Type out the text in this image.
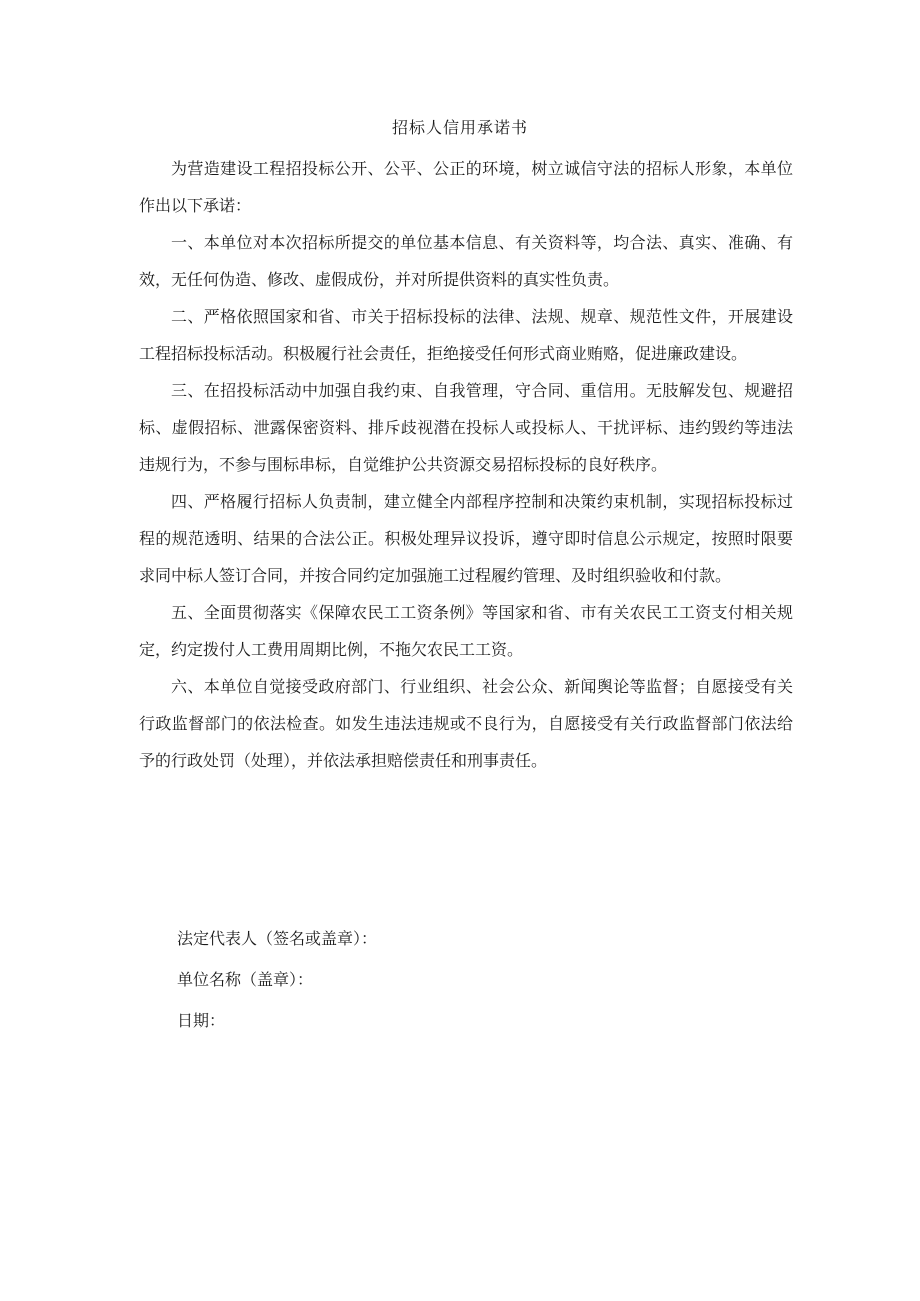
招标人信用承诺书

为营造建设工程招投标公开、公平、公正的环境，树立诚信守法的招标人形象，本单位作出以下承诺：

一、本单位对本次招标所提交的单位基本信息、有关资料等，均合法、真实、准确、有效，无任何伪造、修改、虚假成份，并对所提供资料的真实性负责。

二、严格依照国家和省、市关于招标投标的法律、法规、规章、规范性文件，开展建设工程招标投标活动。积极履行社会责任，拒绝接受任何形式商业贿赂，促进廉政建设。

三、在招投标活动中加强自我约束、自我管理，守合同、重信用。无肢解发包、规避招标、虚假招标、泄露保密资料、排斥歧视潜在投标人或投标人、干扰评标、违约毁约等违法违规行为，不参与围标串标，自觉维护公共资源交易招标投标的良好秩序。

四、严格履行招标人负责制，建立健全内部程序控制和决策约束机制，实现招标投标过程的规范透明、结果的合法公正。积极处理异议投诉，遵守即时信息公示规定，按照时限要求同中标人签订合同，并按合同约定加强施工过程履约管理、及时组织验收和付款。

五、全面贯彻落实《保障农民工工资条例》等国家和省、市有关农民工工资支付相关规定，约定拨付人工费用周期比例，不拖欠农民工工资。

六、本单位自觉接受政府部门、行业组织、社会公众、新闻舆论等监督；自愿接受有关行政监督部门的依法检查。如发生违法违规或不良行为，自愿接受有关行政监督部门依法给予的行政处罚（处理），并依法承担赔偿责任和刑事责任。

法定代表人（签名或盖章）：

单位名称（盖章）：

日期：
